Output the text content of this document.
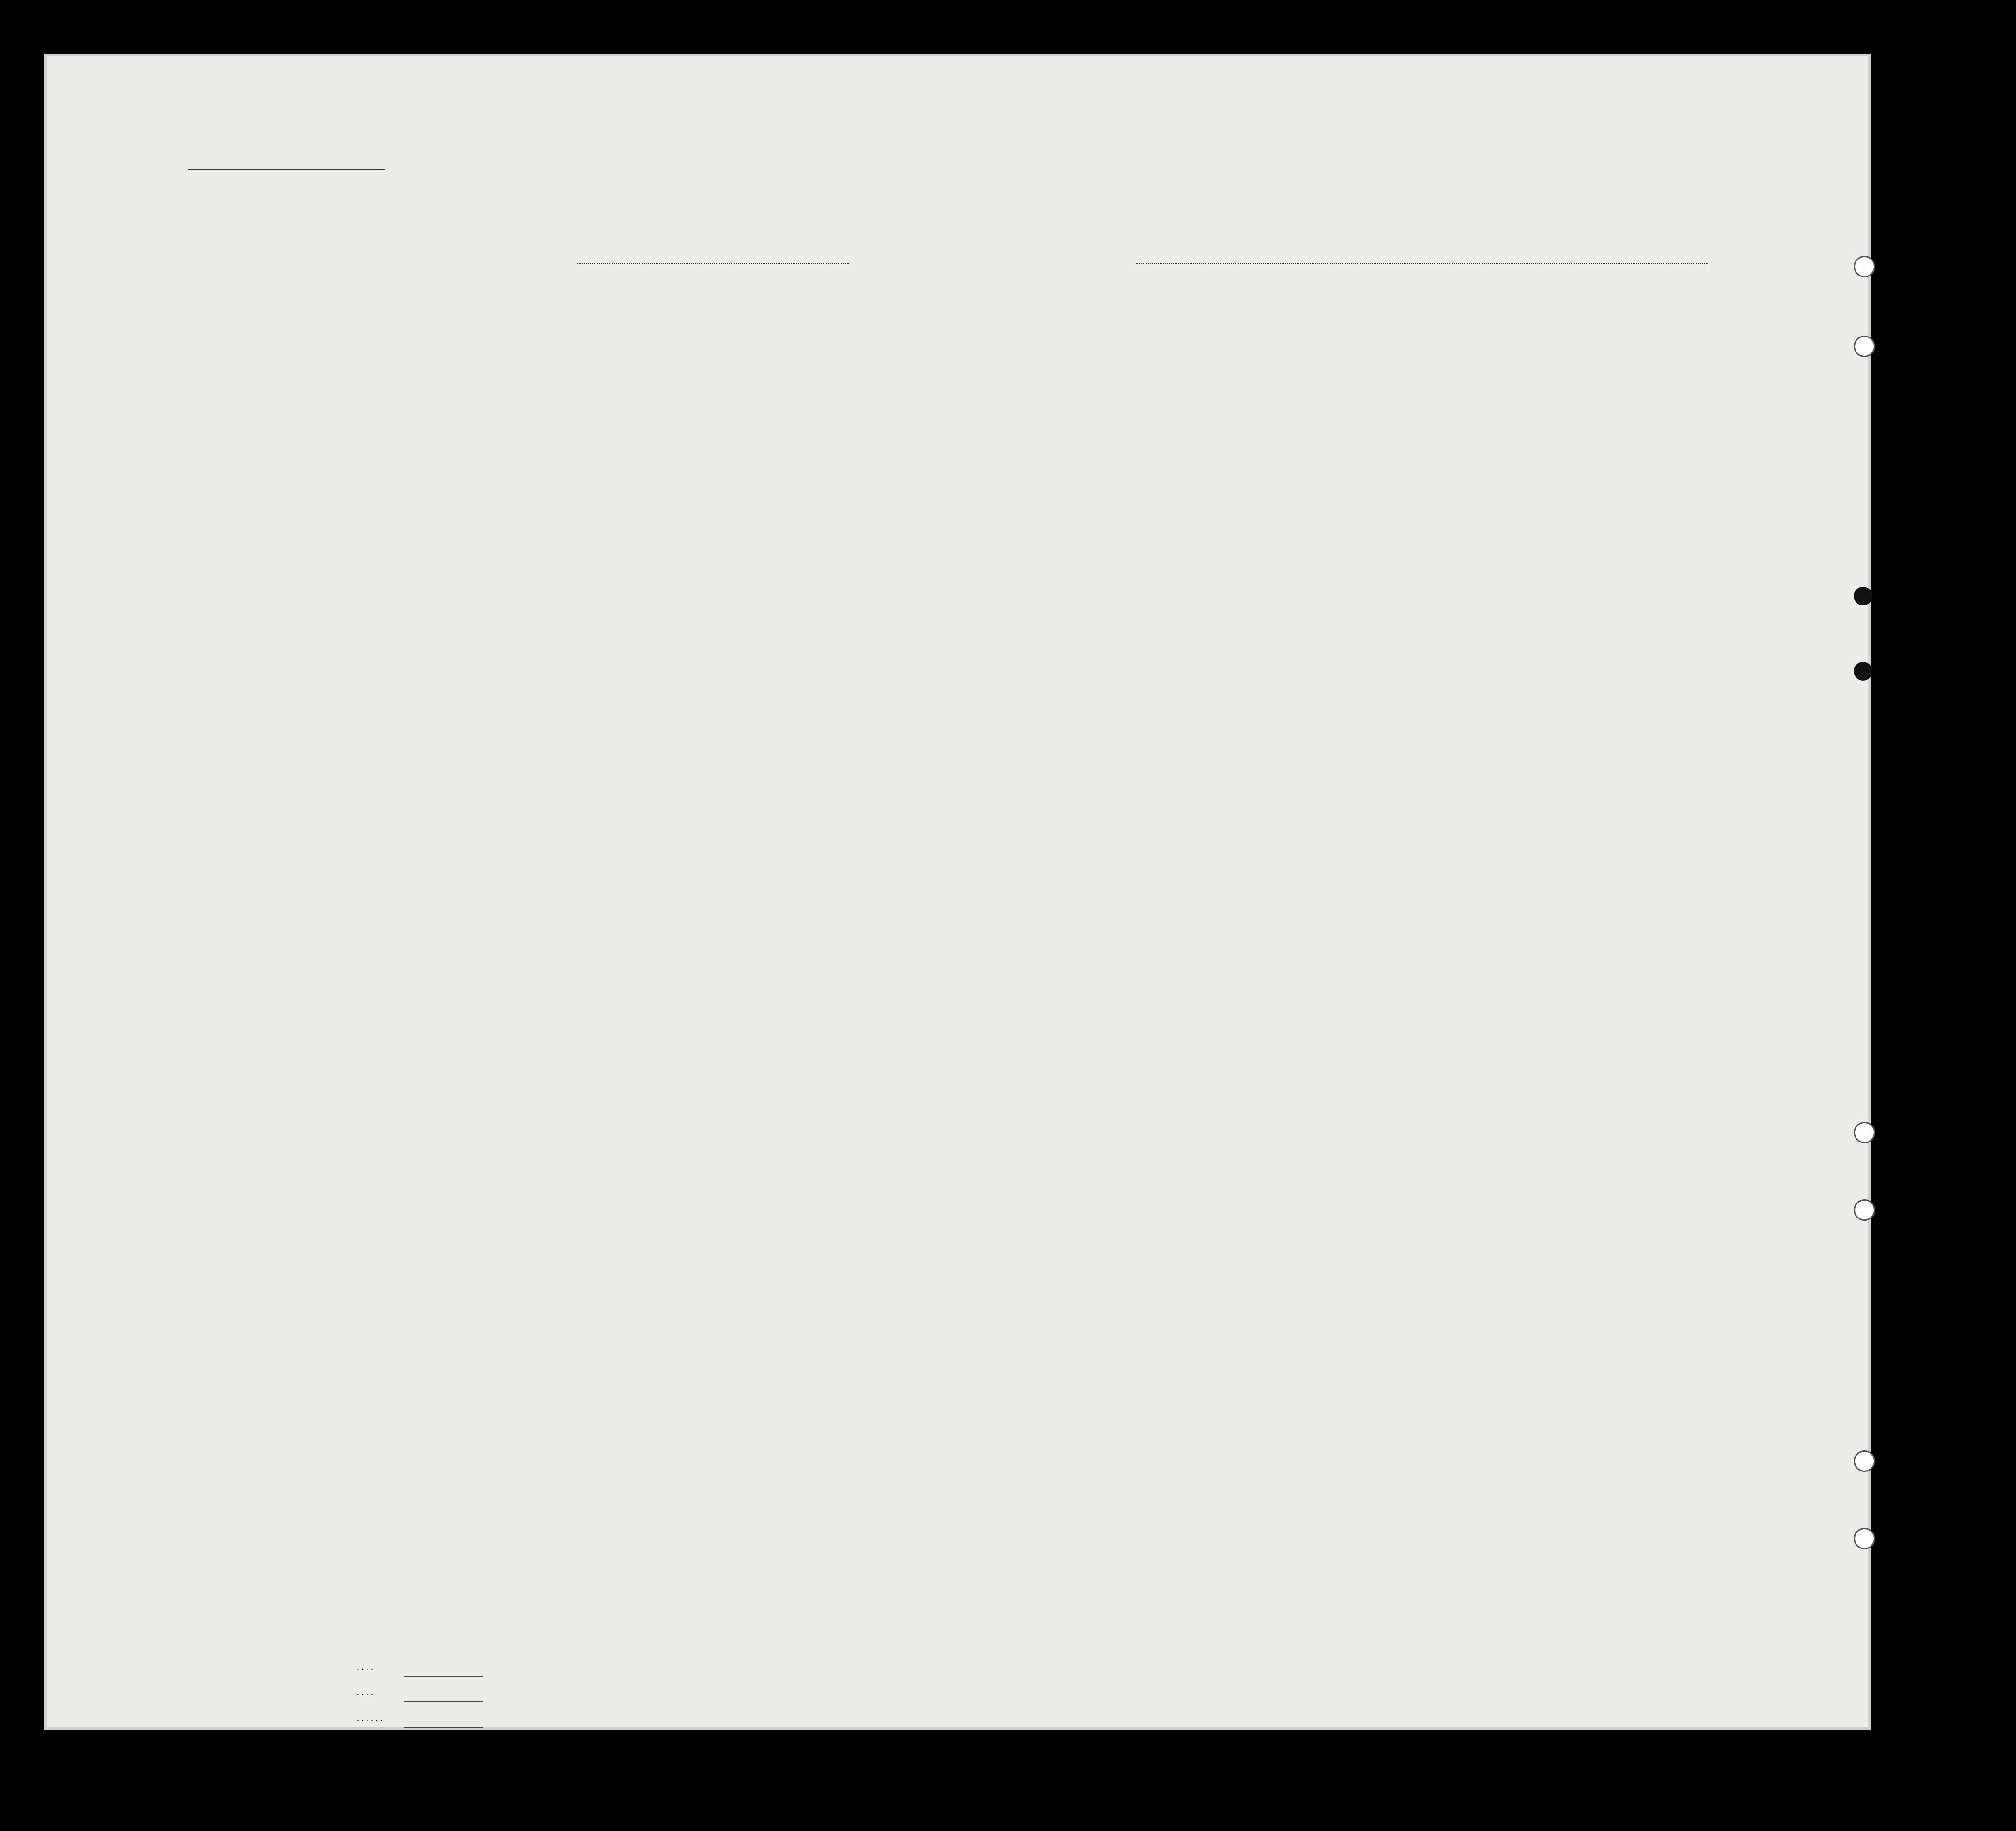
. . . .
. . . .
. . . . . .
